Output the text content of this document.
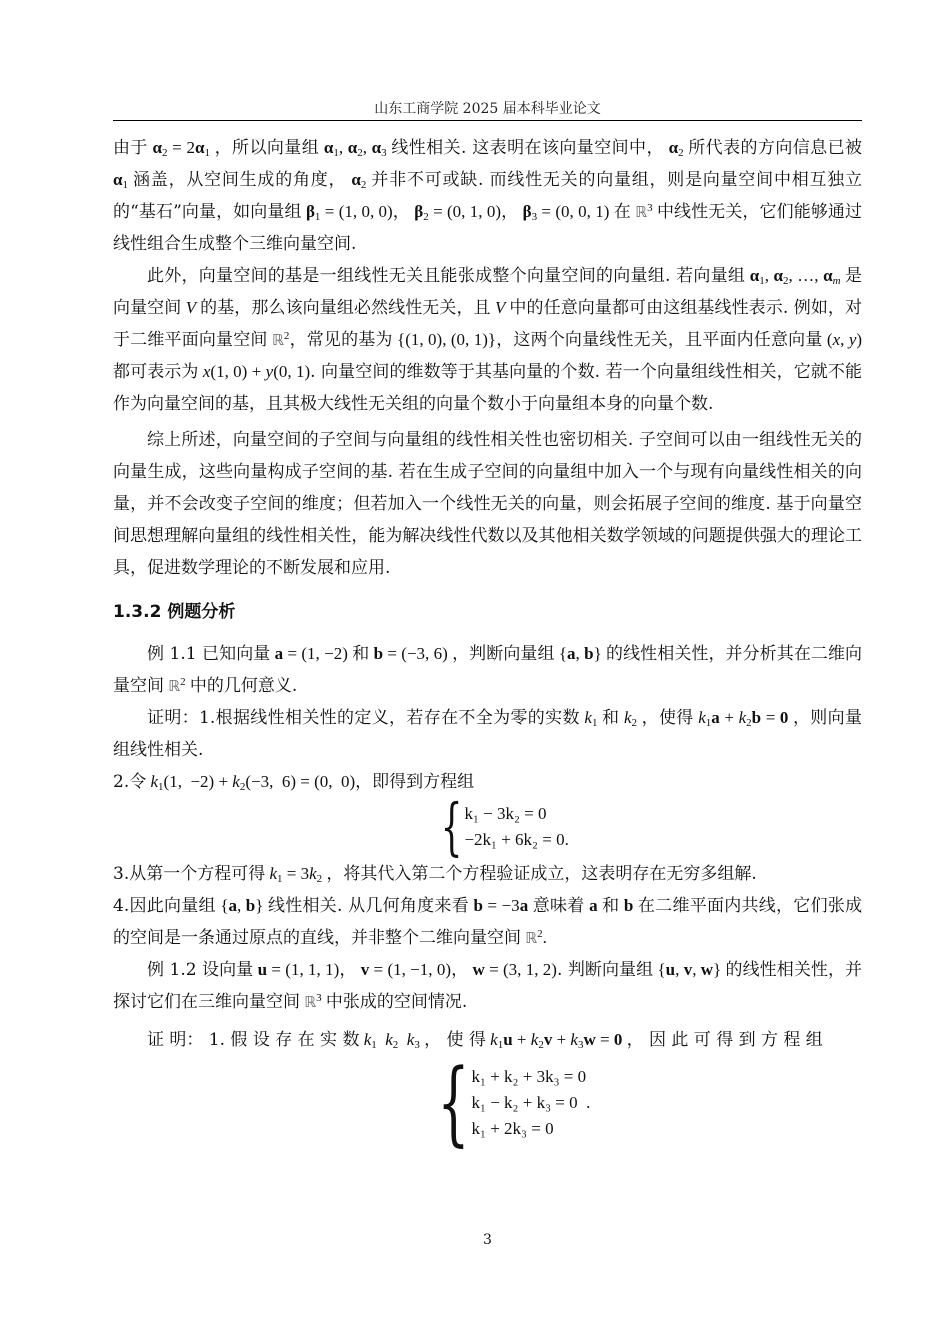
山东工商学院 2025 届本科毕业论文

由于 $\alpha_2 = 2\alpha_1$ ，所以向量组 $\alpha_1$, $\alpha_2$, $\alpha_3$ 线性相关. 这表明在该向量空间中， $\alpha_2$ 所代表的方向信息已被 $\alpha_1$ 涵盖，从空间生成的角度， $\alpha_2$ 并非不可或缺. 而线性无关的向量组，则是向量空间中相互独立的“基石”向量，如向量组 $\beta_1 = (1$, 0, 0)， $\beta_2 = (0$, 1, 0)， $\beta_3 = (0$, 0, 1) 在 ℝ$^3$ 中线性无关，它们能够通过线性组合生成整个三维向量空间.

此外，向量空间的基是一组线性无关且能张成整个向量空间的向量组. 若向量组 $\alpha_1$, $\alpha_2$, …, $\alpha_m$ 是向量空间 V 的基，那么该向量组必然线性无关，且 V 中的任意向量都可由这组基线性表示. 例如，对于二维平面向量空间 ℝ$^2$，常见的基为 {(1, 0), (0, 1)}，这两个向量线性无关，且平面内任意向量 (x, y) 都可表示为 x(1, 0) + y(0, 1). 向量空间的维数等于其基向量的个数. 若一个向量组线性相关，它就不能作为向量空间的基，且其极大线性无关组的向量个数小于向量组本身的向量个数.

综上所述，向量空间的子空间与向量组的线性相关性也密切相关. 子空间可以由一组线性无关的向量生成，这些向量构成子空间的基. 若在生成子空间的向量组中加入一个与现有向量线性相关的向量，并不会改变子空间的维度；但若加入一个线性无关的向量，则会拓展子空间的维度. 基于向量空间思想理解向量组的线性相关性，能为解决线性代数以及其他相关数学领域的问题提供强大的理论工具，促进数学理论的不断发展和应用.

1.3.2 例题分析

例 1.1 已知向量 a = (1, −2) 和 b = (−3, 6) ，判断向量组 {a, b} 的线性相关性，并分析其在二维向量空间 ℝ$^2$ 中的几何意义.

证明：1.根据线性相关性的定义，若存在不全为零的实数 $k_1$ 和 $k_2$ ，使得 $k_1a + k_2b = 0$ ，则向量组线性相关.

2.令 $k_1(1$,  $-2) + k_2(-3$,  6) = (0,  0)，即得到方程组

{ k₁ − 3k₂ = 0
−2k₁ + 6k₂ = 0.

3.从第一个方程可得 $k_1 = 3k_2$ ，将其代入第二个方程验证成立，这表明存在无穷多组解.

4.因此向量组 {a, b} 线性相关. 从几何角度来看 b = −3a 意味着 a 和 b 在二维平面内共线，它们张成的空间是一条通过原点的直线，并非整个二维向量空间 ℝ$^2$.

例 1.2 设向量 u = (1, 1, 1)， v = (1, −1, 0)， w = (3, 1, 2). 判断向量组 {u, v, w} 的线性相关性，并探讨它们在三维向量空间 ℝ$^3$ 中张成的空间情况.

证 明： 1. 假 设 存 在 实 数 $k_1$ $k_2$ $k_3$ ， 使 得 $k_1u + k_2v + k_3w = 0$ ， 因 此 可 得 到 方 程 组

{ k₁ + k₂ + 3k₃ = 0
k₁ − k₂ + k₃ = 0  .
k₁ + 2k₃ = 0
3
